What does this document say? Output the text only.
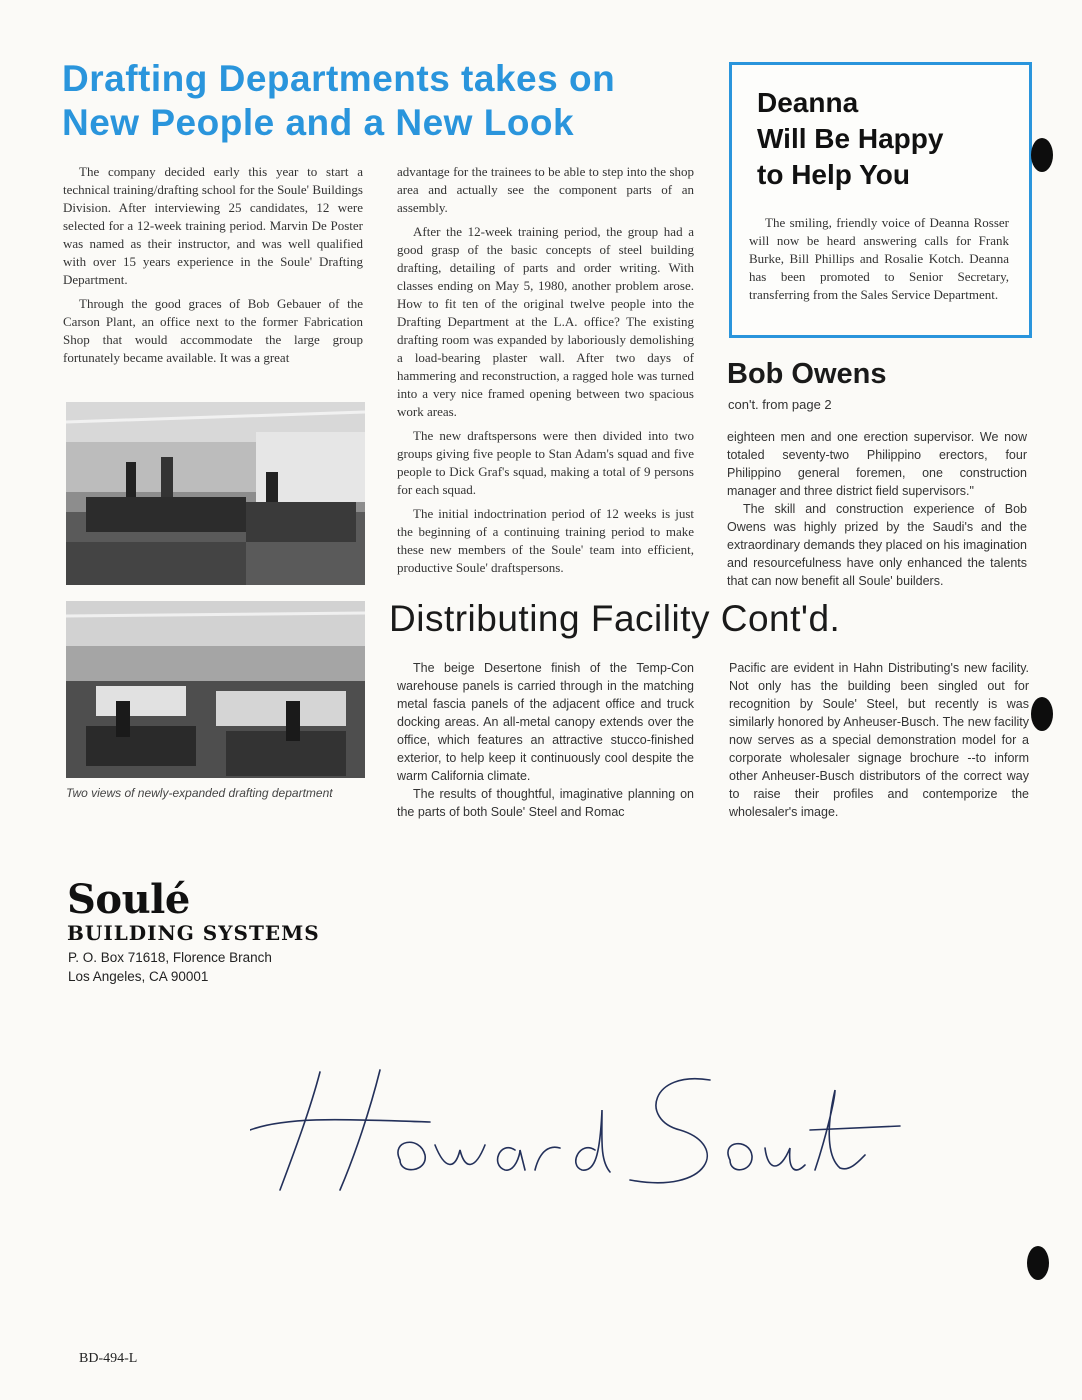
Drafting Departments takes on
New People and a New Look

The company decided early this year to start a technical training/drafting school for the Soule' Buildings Division. After interviewing 25 candidates, 12 were selected for a 12-week training period. Marvin De Poster was named as their instructor, and was well qualified with over 15 years experience in the Soule' Drafting Department.

Through the good graces of Bob Gebauer of the Carson Plant, an office next to the former Fabrication Shop that would accommodate the large group fortunately became available. It was a great

Two views of newly-expanded drafting department

advantage for the trainees to be able to step into the shop area and actually see the component parts of an assembly.

After the 12-week training period, the group had a good grasp of the basic concepts of steel building drafting, detailing of parts and order writing. With classes ending on May 5, 1980, another problem arose. How to fit ten of the original twelve people into the Drafting Department at the L.A. office? The existing drafting room was expanded by laboriously demolishing a load-bearing plaster wall. After two days of hammering and reconstruction, a ragged hole was turned into a very nice framed opening between two spacious work areas.

The new draftspersons were then divided into two groups giving five people to Stan Adam's squad and five people to Dick Graf's squad, making a total of 9 persons for each squad.

The initial indoctrination period of 12 weeks is just the beginning of a continuing training period to make these new members of the Soule' team into efficient, productive Soule' draftspersons.

Deanna
Will Be Happy
to Help You

The smiling, friendly voice of Deanna Rosser will now be heard answering calls for Frank Burke, Bill Phillips and Rosalie Kotch. Deanna has been promoted to Senior Secretary, transferring from the Sales Service Department.

Bob Owens
con't. from page 2

eighteen men and one erection supervisor. We now totaled seventy-two Philippino erectors, four Philippino general foremen, one construction manager and three district field supervisors."

The skill and construction experience of Bob Owens was highly prized by the Saudi's and the extraordinary demands they placed on his imagination and resourcefulness have only enhanced the talents that can now benefit all Soule' builders.

Distributing Facility Cont'd.

The beige Desertone finish of the Temp-Con warehouse panels is carried through in the matching metal fascia panels of the adjacent office and truck docking areas. An all-metal canopy extends over the office, which features an attractive stucco-finished exterior, to help keep it continuously cool despite the warm California climate.

The results of thoughtful, imaginative planning on the parts of both Soule' Steel and Romac

Pacific are evident in Hahn Distributing's new facility. Not only has the building been singled out for recognition by Soule' Steel, but recently is was similarly honored by Anheuser-Busch. The new facility now serves as a special demonstration model for a corporate wholesaler signage brochure --to inform other Anheuser-Busch distributors of the correct way to raise their profiles and contemporize the wholesaler's image.

Soulé
BUILDING SYSTEMS
P. O. Box 71618, Florence Branch
Los Angeles, CA 90001
BD-494-L
